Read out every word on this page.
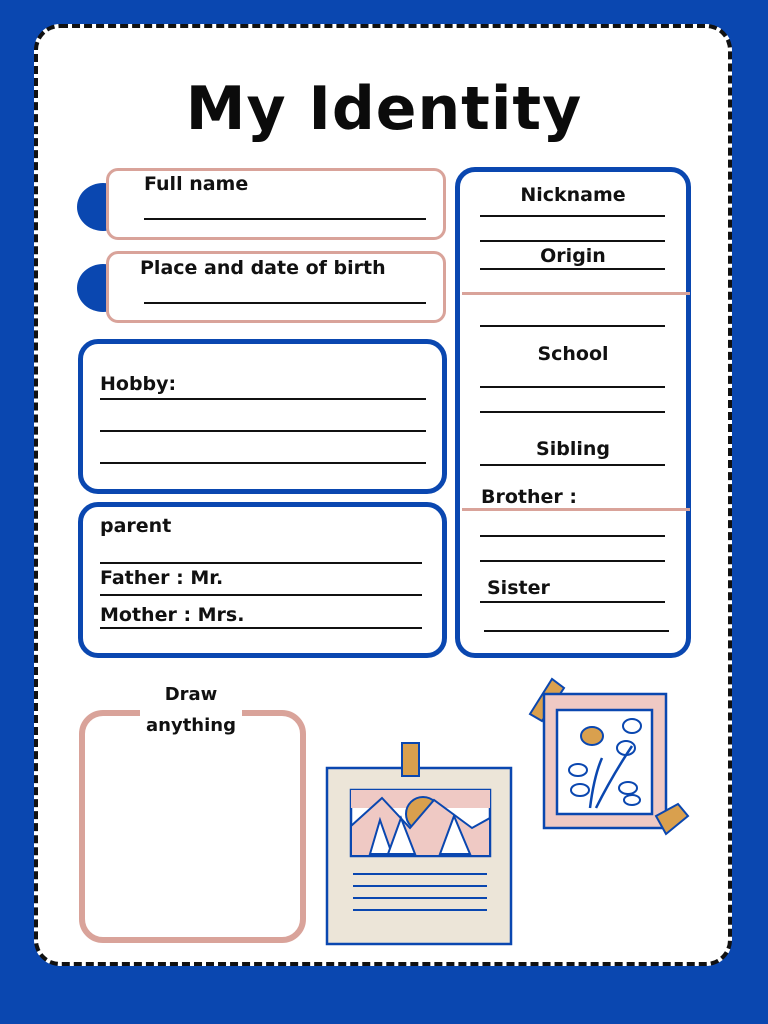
My Identity
Full name
Place and date of birth
Hobby:
parent
Father : Mr.
Mother : Mrs.
Nickname
Origin
School
Sibling
Brother :
Sister
Draw
anything
